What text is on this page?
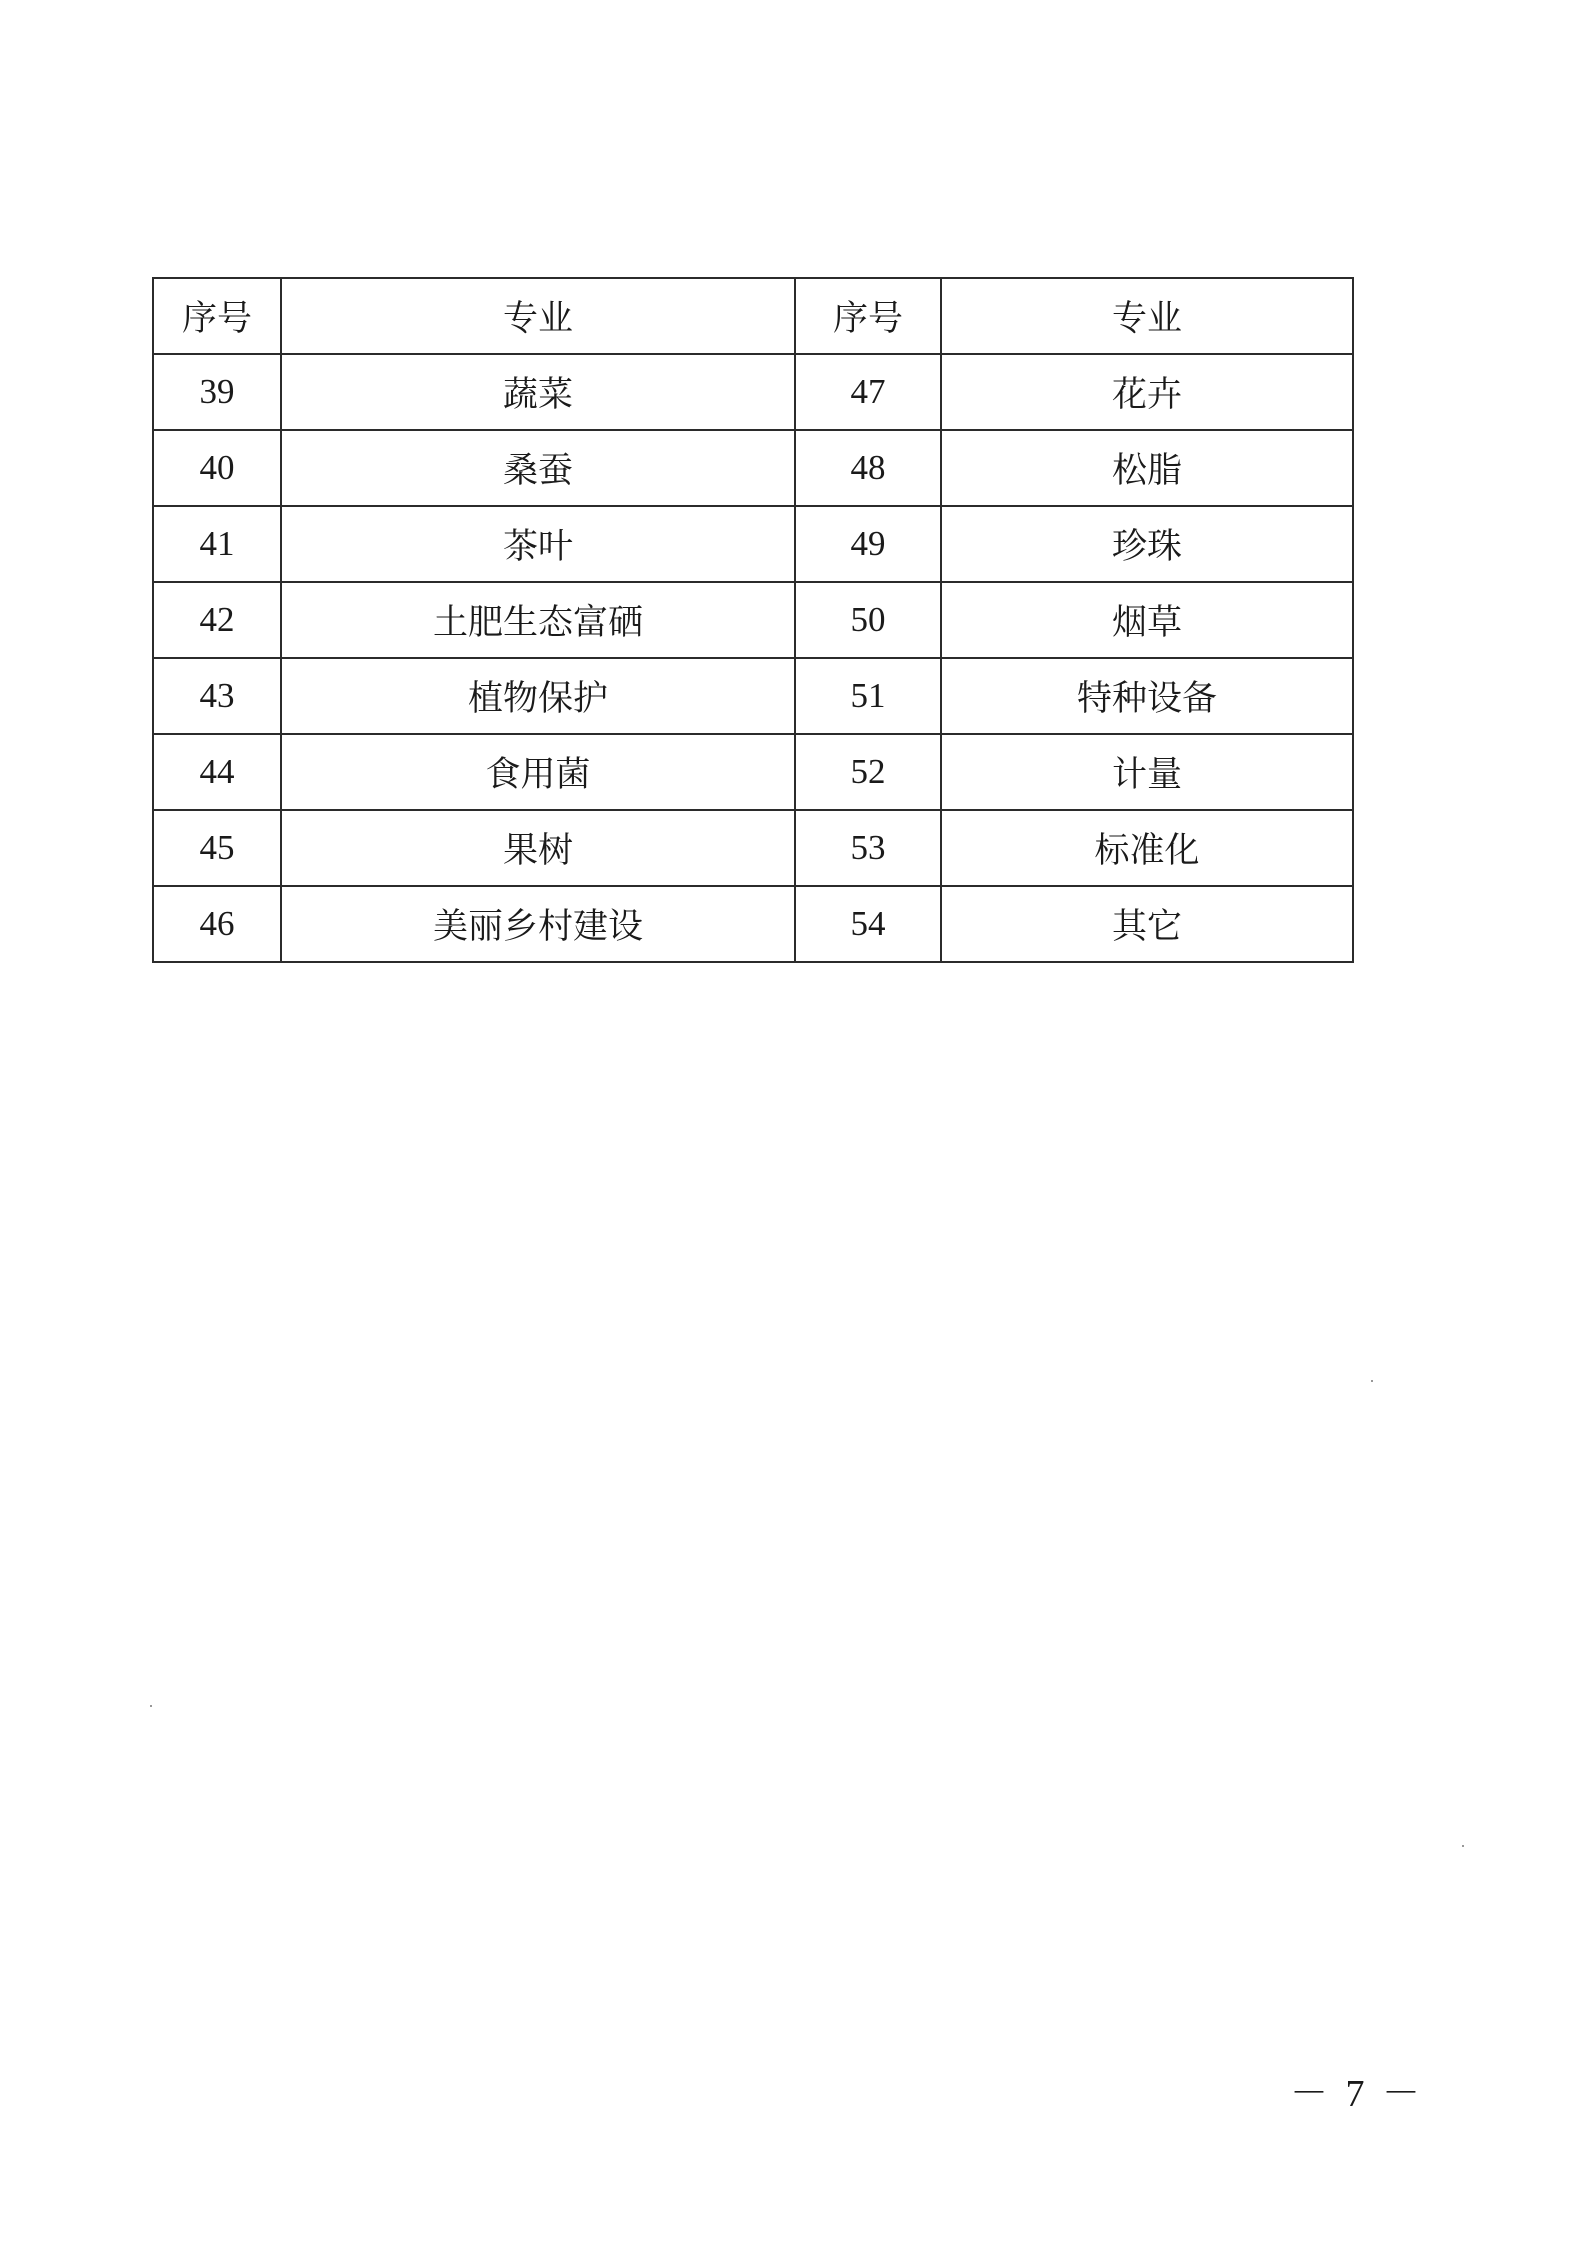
序号	专业	序号	专业
39	蔬菜	47	花卉
40	桑蚕	48	松脂
41	茶叶	49	珍珠
42	土肥生态富硒	50	烟草
43	植物保护	51	特种设备
44	食用菌	52	计量
45	果树	53	标准化
46	美丽乡村建设	54	其它
－ 7 －
